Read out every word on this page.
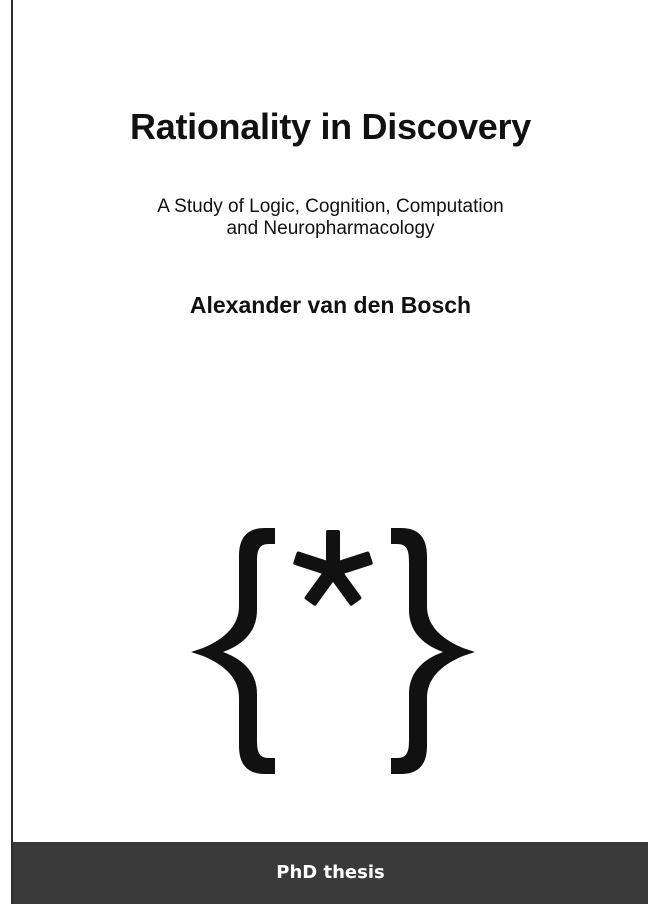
Rationality in Discovery
A Study of Logic, Cognition, Computation
and Neuropharmacology
Alexander van den Bosch
PhD thesis
